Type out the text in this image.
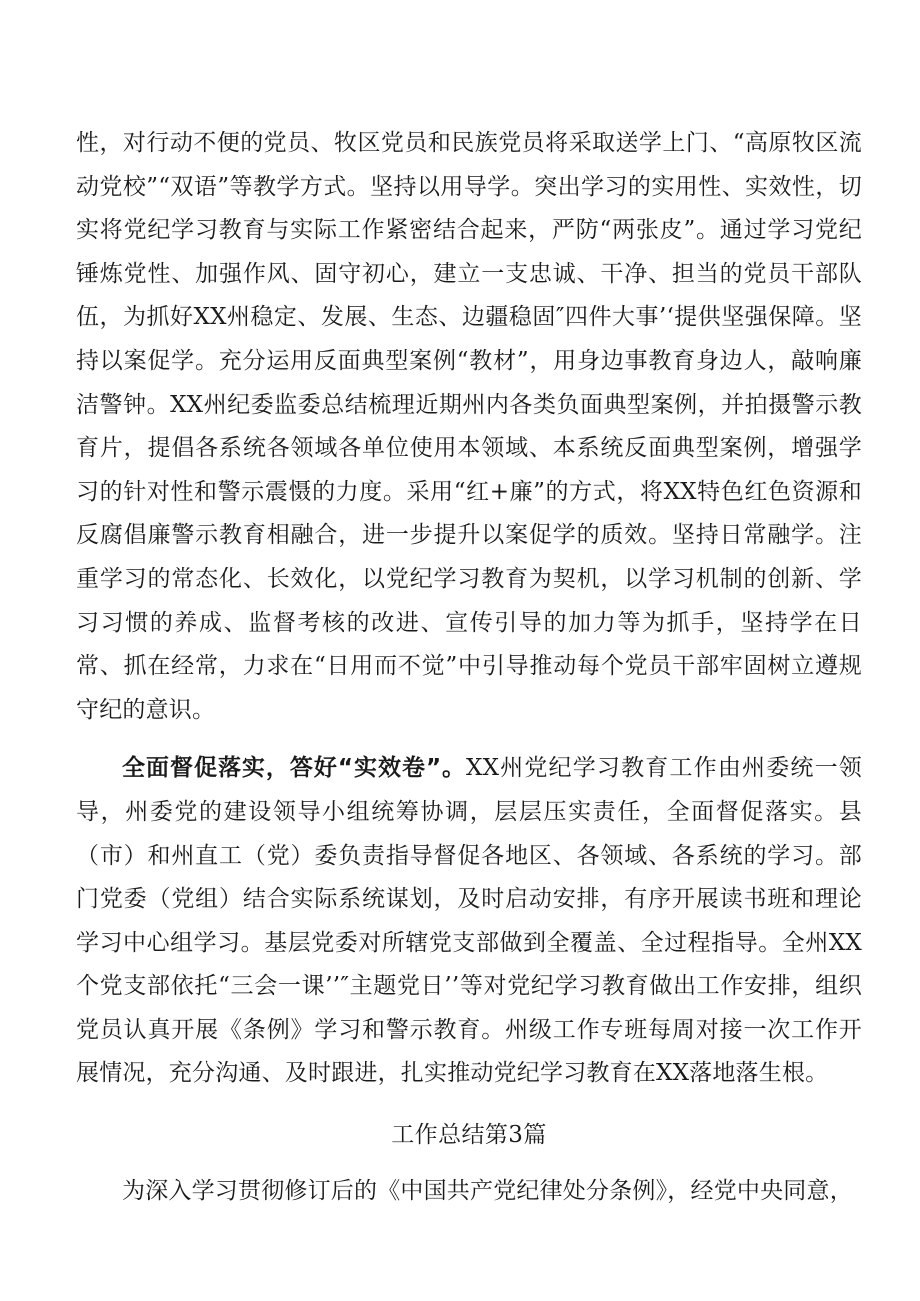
性，对行动不便的党员、牧区党员和民族党员将采取送学上门、“高原牧区流动党校”“双语”等教学方式。坚持以用导学。突出学习的实用性、实效性，切实将党纪学习教育与实际工作紧密结合起来，严防“两张皮”。通过学习党纪锤炼党性、加强作风、固守初心，建立一支忠诚、干净、担当的党员干部队伍，为抓好XX州稳定、发展、生态、边疆稳固″四件大事’‘提供坚强保障。坚持以案促学。充分运用反面典型案例“教材”，用身边事教育身边人，敲响廉洁警钟。XX州纪委监委总结梳理近期州内各类负面典型案例，并拍摄警示教育片，提倡各系统各领域各单位使用本领域、本系统反面典型案例，增强学习的针对性和警示震慑的力度。采用“红+廉”的方式，将XX特色红色资源和反腐倡廉警示教育相融合，进一步提升以案促学的质效。坚持日常融学。注重学习的常态化、长效化，以党纪学习教育为契机，以学习机制的创新、学习习惯的养成、监督考核的改进、宣传引导的加力等为抓手，坚持学在日常、抓在经常，力求在“日用而不觉”中引导推动每个党员干部牢固树立遵规守纪的意识。

全面督促落实，答好“实效卷”。XX州党纪学习教育工作由州委统一领导，州委党的建设领导小组统筹协调，层层压实责任，全面督促落实。县（市）和州直工（党）委负责指导督促各地区、各领域、各系统的学习。部门党委（党组）结合实际系统谋划，及时启动安排，有序开展读书班和理论学习中心组学习。基层党委对所辖党支部做到全覆盖、全过程指导。全州XX个党支部依托“三会一课’’″主题党日’’等对党纪学习教育做出工作安排，组织党员认真开展《条例》学习和警示教育。州级工作专班每周对接一次工作开展情况，充分沟通、及时跟进，扎实推动党纪学习教育在XX落地落生根。

工作总结第3篇

为深入学习贯彻修订后的《中国共产党纪律处分条例》，经党中央同意，
